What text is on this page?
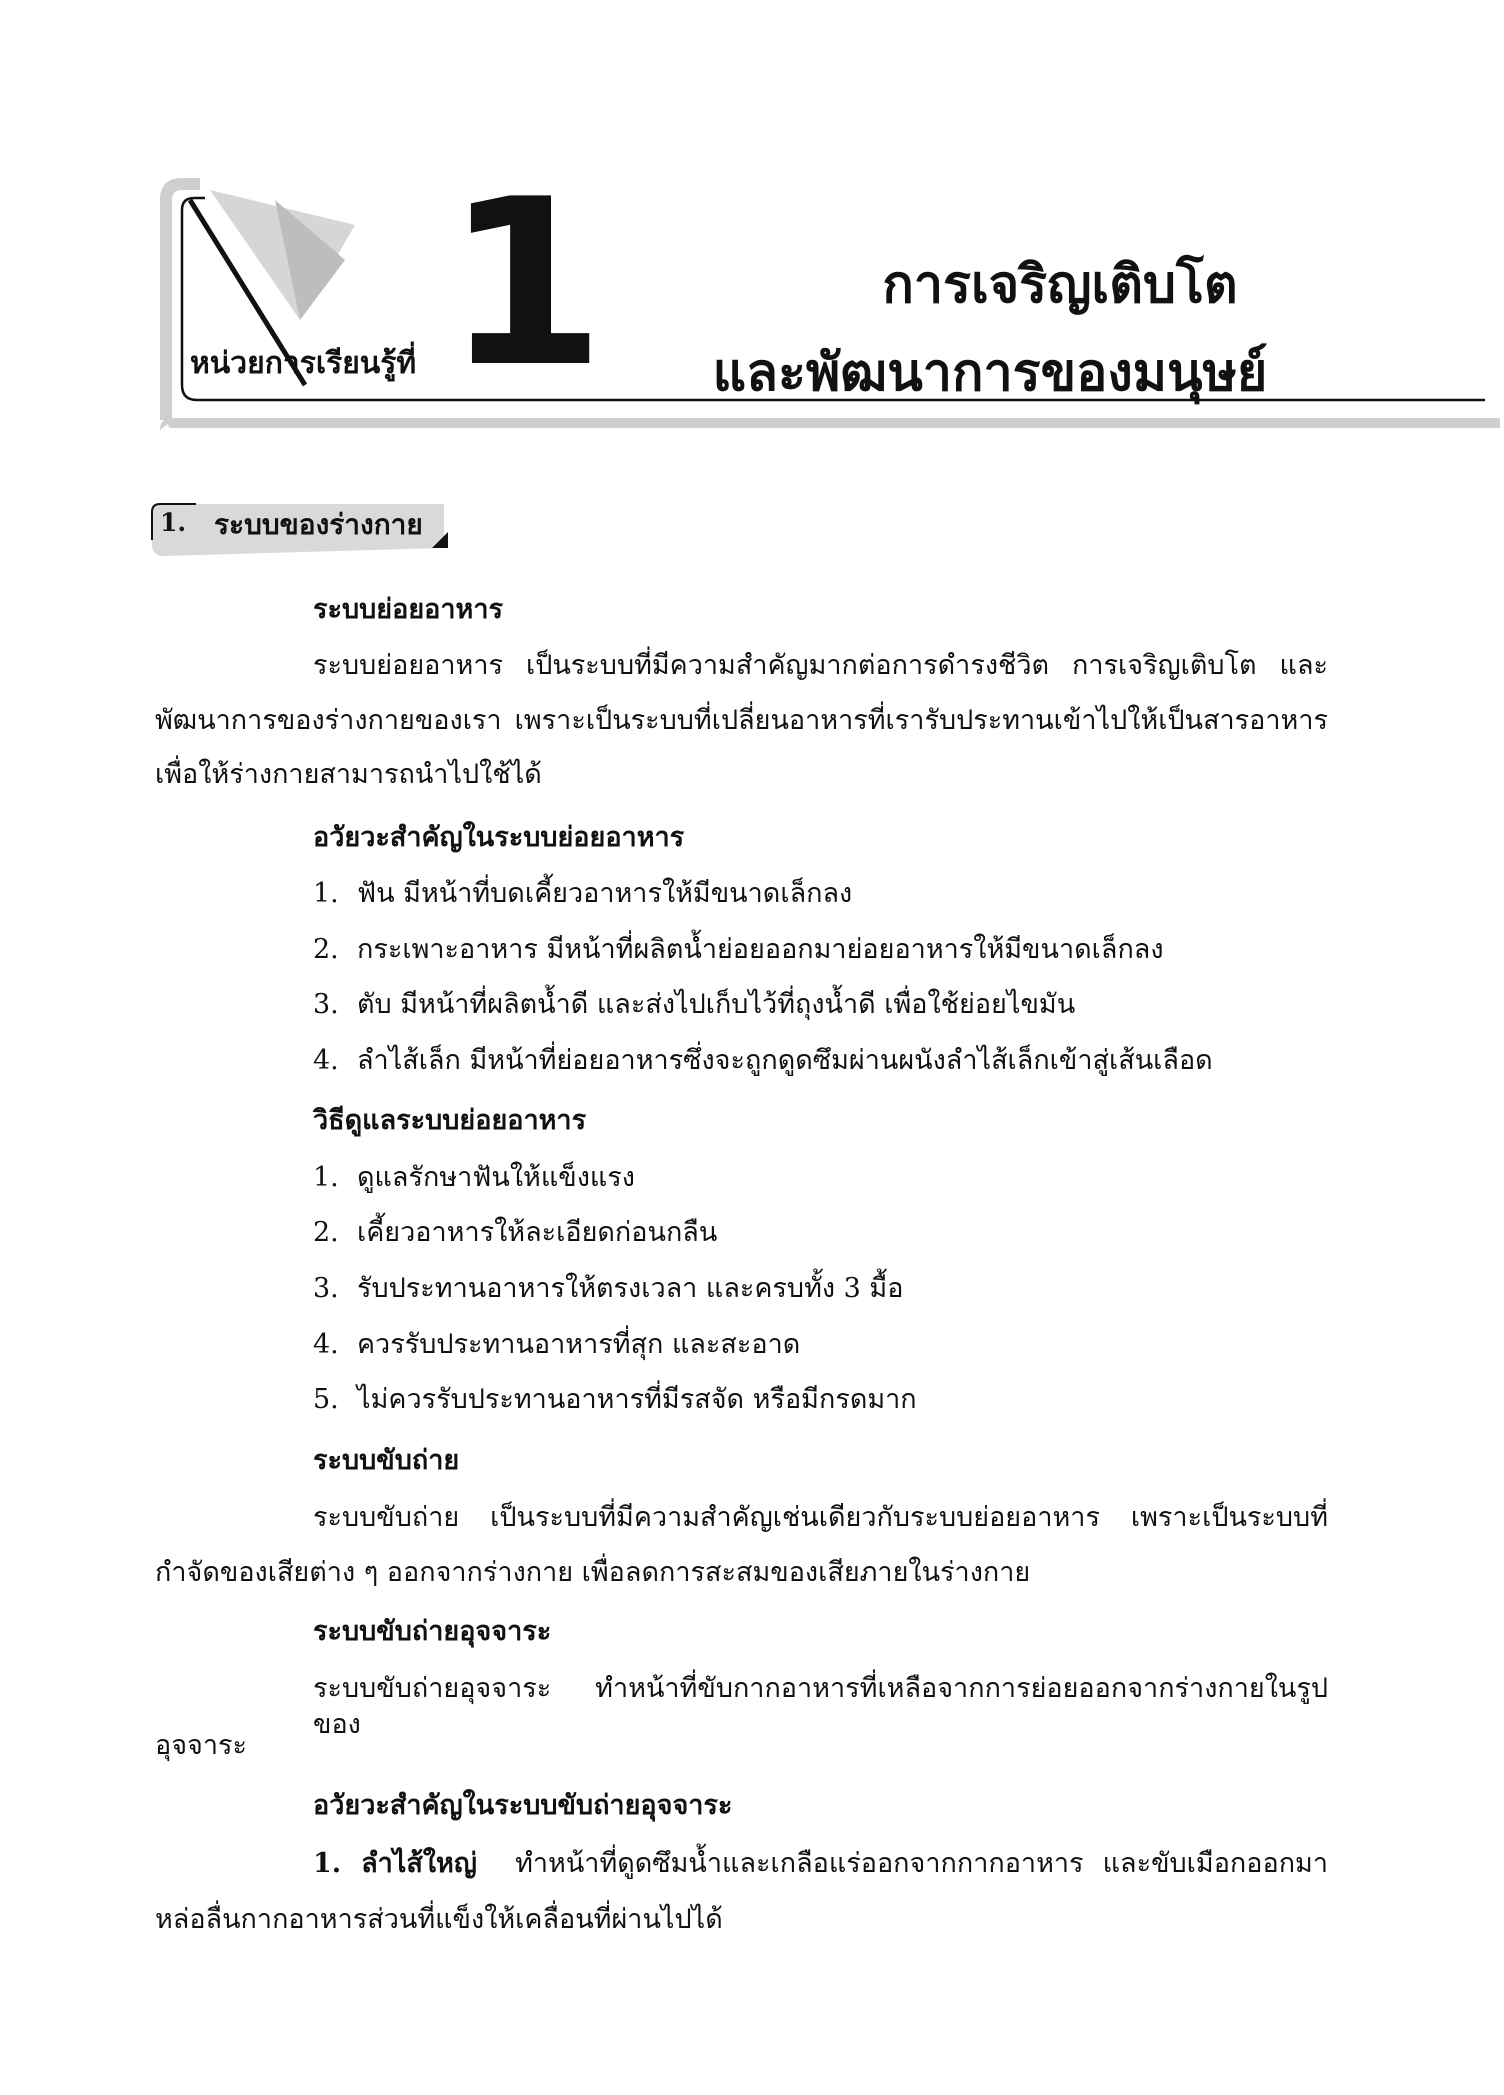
หน่วยการเรียนรู้ที่ 1	การเจริญเติบโต
และพัฒนาการของมนุษย์
1. ระบบของร่างกาย
ระบบย่อยอาหาร
ระบบย่อยอาหาร เป็นระบบที่มีความสำคัญมากต่อการดำรงชีวิต การเจริญเติบโต และ
พัฒนาการของร่างกายของเรา เพราะเป็นระบบที่เปลี่ยนอาหารที่เรารับประทานเข้าไปให้เป็นสารอาหาร
เพื่อให้ร่างกายสามารถนำไปใช้ได้
อวัยวะสำคัญในระบบย่อยอาหาร
1. ฟัน มีหน้าที่บดเคี้ยวอาหารให้มีขนาดเล็กลง
2. กระเพาะอาหาร มีหน้าที่ผลิตน้ำย่อยออกมาย่อยอาหารให้มีขนาดเล็กลง
3. ตับ มีหน้าที่ผลิตน้ำดี และส่งไปเก็บไว้ที่ถุงน้ำดี เพื่อใช้ย่อยไขมัน
4. ลำไส้เล็ก มีหน้าที่ย่อยอาหารซึ่งจะถูกดูดซึมผ่านผนังลำไส้เล็กเข้าสู่เส้นเลือด
วิธีดูแลระบบย่อยอาหาร
1. ดูแลรักษาฟันให้แข็งแรง
2. เคี้ยวอาหารให้ละเอียดก่อนกลืน
3. รับประทานอาหารให้ตรงเวลา และครบทั้ง 3 มื้อ
4. ควรรับประทานอาหารที่สุก และสะอาด
5. ไม่ควรรับประทานอาหารที่มีรสจัด หรือมีกรดมาก
ระบบขับถ่าย
ระบบขับถ่าย เป็นระบบที่มีความสำคัญเช่นเดียวกับระบบย่อยอาหาร เพราะเป็นระบบที่
กำจัดของเสียต่าง ๆ ออกจากร่างกาย เพื่อลดการสะสมของเสียภายในร่างกาย
ระบบขับถ่ายอุจจาระ
ระบบขับถ่ายอุจจาระ ทำหน้าที่ขับกากอาหารที่เหลือจากการย่อยออกจากร่างกายในรูปของ
อุจจาระ
อวัยวะสำคัญในระบบขับถ่ายอุจจาระ
1. ลำไส้ใหญ่ ทำหน้าที่ดูดซึมน้ำและเกลือแร่ออกจากกากอาหาร และขับเมือกออกมา
หล่อลื่นกากอาหารส่วนที่แข็งให้เคลื่อนที่ผ่านไปได้
